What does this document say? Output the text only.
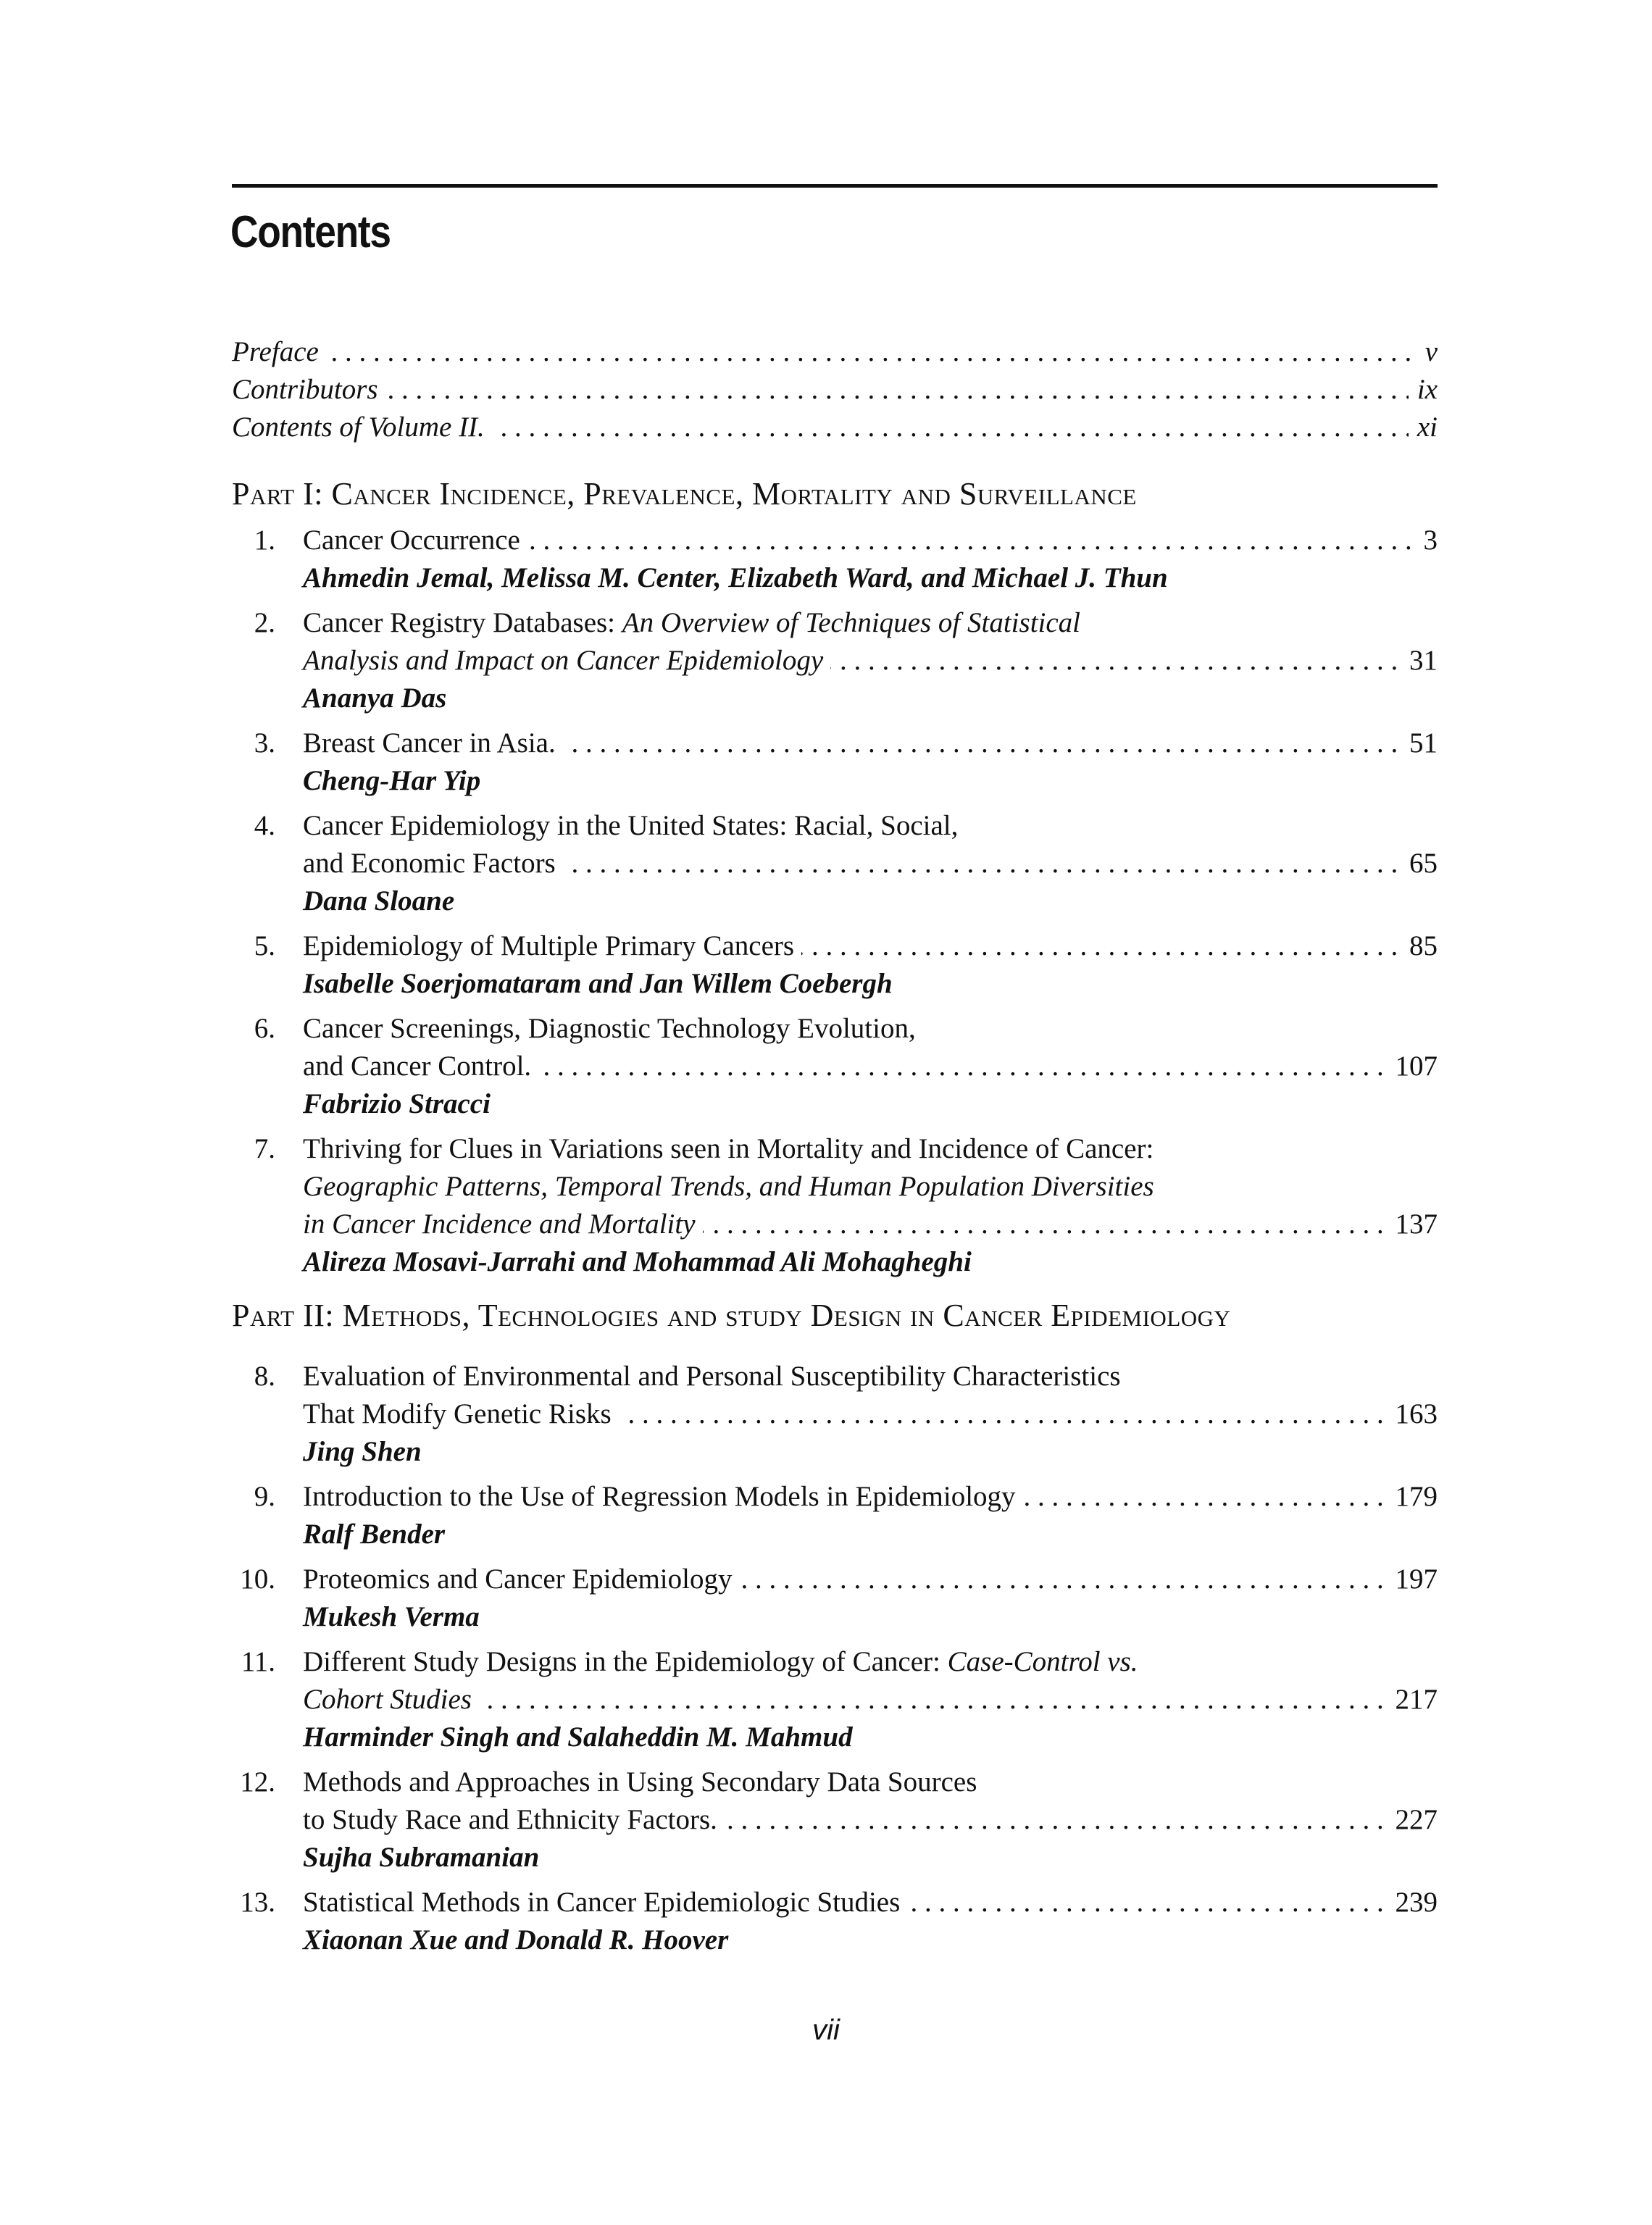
Contents
. . .
Preface	v
. . .
Contributors	ix
. . .
Contents of Volume II.	xi
Part I: Cancer Incidence, Prevalence, Mortality and Surveillance
1. . . . Cancer Occurrence	3
Ahmedin Jemal, Melissa M. Center, Elizabeth Ward, and Michael J. Thun
2. Cancer Registry Databases: An Overview of Techniques of Statistical
. . .
Analysis and Impact on Cancer Epidemiology	31
Ananya Das
3. . . . Breast Cancer in Asia.	51
Cheng-Har Yip
4. Cancer Epidemiology in the United States: Racial, Social,
. . .
and Economic Factors	65
Dana Sloane
5. . . . Epidemiology of Multiple Primary Cancers	85
Isabelle Soerjomataram and Jan Willem Coebergh
6. Cancer Screenings, Diagnostic Technology Evolution,
. . .
and Cancer Control.	107
Fabrizio Stracci
7. Thriving for Clues in Variations seen in Mortality and Incidence of Cancer:
Geographic Patterns, Temporal Trends, and Human Population Diversities
. . .
in Cancer Incidence and Mortality	137
Alireza Mosavi-Jarrahi and Mohammad Ali Mohagheghi
Part II: Methods, Technologies and study Design in Cancer Epidemiology
8. Evaluation of Environmental and Personal Susceptibility Characteristics
. . .
That Modify Genetic Risks	163
Jing Shen
9. . . . Introduction to the Use of Regression Models in Epidemiology	179
Ralf Bender
10. . . . Proteomics and Cancer Epidemiology	197
Mukesh Verma
11. Different Study Designs in the Epidemiology of Cancer: Case-Control vs.
. . .
Cohort Studies	217
Harminder Singh and Salaheddin M. Mahmud
12. Methods and Approaches in Using Secondary Data Sources
. . .
to Study Race and Ethnicity Factors.	227
Sujha Subramanian
13. . . . Statistical Methods in Cancer Epidemiologic Studies	239
Xiaonan Xue and Donald R. Hoover
vii
